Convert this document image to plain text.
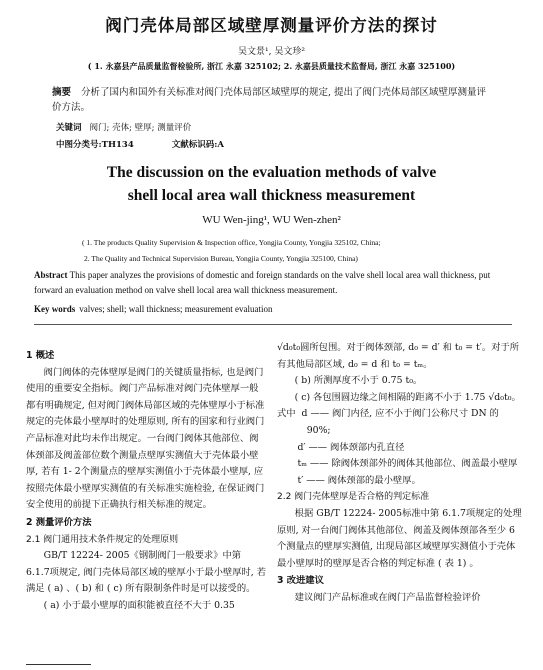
阀门壳体局部区域壁厚测量评价方法的探讨
吴文景¹, 吴文珍²
( 1. 永嘉县产品质量监督检验所, 浙江 永嘉 325102; 2. 永嘉县质量技术监督局, 浙江 永嘉 325100)
摘要 分析了国内和国外有关标准对阀门壳体局部区域壁厚的规定, 提出了阀门壳体局部区域壁厚测量评价方法。
关键词 阀门; 壳体; 壁厚; 测量评价
中图分类号:TH134	文献标识码:A
The discussion on the evaluation methods of valve
shell local area wall thickness measurement
WU Wen-jing¹, WU Wen-zhen²
( 1. The products Quality Supervision & Inspection office, Yongjia County, Yongjia 325102, China;
2. The Quality and Technical Supervision Bureau, Yongjia County, Yongjia 325100, China)
Abstract This paper analyzes the provisions of domestic and foreign standards on the valve shell local area wall thickness, put forward an evaluation method on valve shell local area wall thickness measurement.
Key words valves; shell; wall thickness; measurement evaluation

1 概述

阀门阀体的壳体壁厚是阀门的关键质量指标, 也是阀门使用的重要安全指标。阀门产品标准对阀门壳体壁厚一般都有明确规定, 但对阀门阀体局部区域的壳体壁厚小于标准规定的壳体最小壁厚时的处理原则, 所有的国家和行业阀门产品标准对此均未作出规定。一台阀门阀体其他部位、阀体颈部及阀盖部位数个测量点壁厚实测值大于壳体最小壁厚, 若有 1- 2个测量点的壁厚实测值小于壳体最小壁厚, 应按照壳体最小壁厚实测值的有关标准实施检验, 在保证阀门安全使用的前提下正确执行相关标准的规定。

2 测量评价方法

2.1 阀门通用技术条件规定的处理原则

GB/T 12224- 2005《钢制阀门一般要求》中第 6.1.7项规定, 阀门壳体局部区域的壁厚小于最小壁厚时, 若满足 ( a) 、( b) 和 ( c) 所有限制条件时是可以接受的。

( a) 小于最小壁厚的面积能被直径不大于 0.35

√d₀t₀圆所包围。对于阀体颈部, d₀ = d′ 和 t₀ = t′。对于所有其他局部区域, d₀ = d 和 t₀ = tₘ。

( b) 所测厚度不小于 0.75 t₀。

( c) 各包围圆边缘之间相隔的距离不小于 1.75 √d₀t₀。

式中 d —— 阀门内径, 应不小于阀门公称尺寸 DN 的 90%;

d′ —— 阀体颈部内孔直径

tₘ —— 除阀体颈部外的阀体其他部位、阀盖最小壁厚

t′ —— 阀体颈部的最小壁厚。

2.2 阀门壳体壁厚是否合格的判定标准

根据 GB/T 12224- 2005标准中第 6.1.7项规定的处理原则, 对一台阀门阀体其他部位、阀盖及阀体颈部各至少 6个测量点的壁厚实测值, 出现局部区域壁厚实测值小于壳体最小壁厚时的壁厚是否合格的判定标准 ( 表 1) 。

3 改进建议

建议阀门产品标准或在阀门产品监督检验评价
